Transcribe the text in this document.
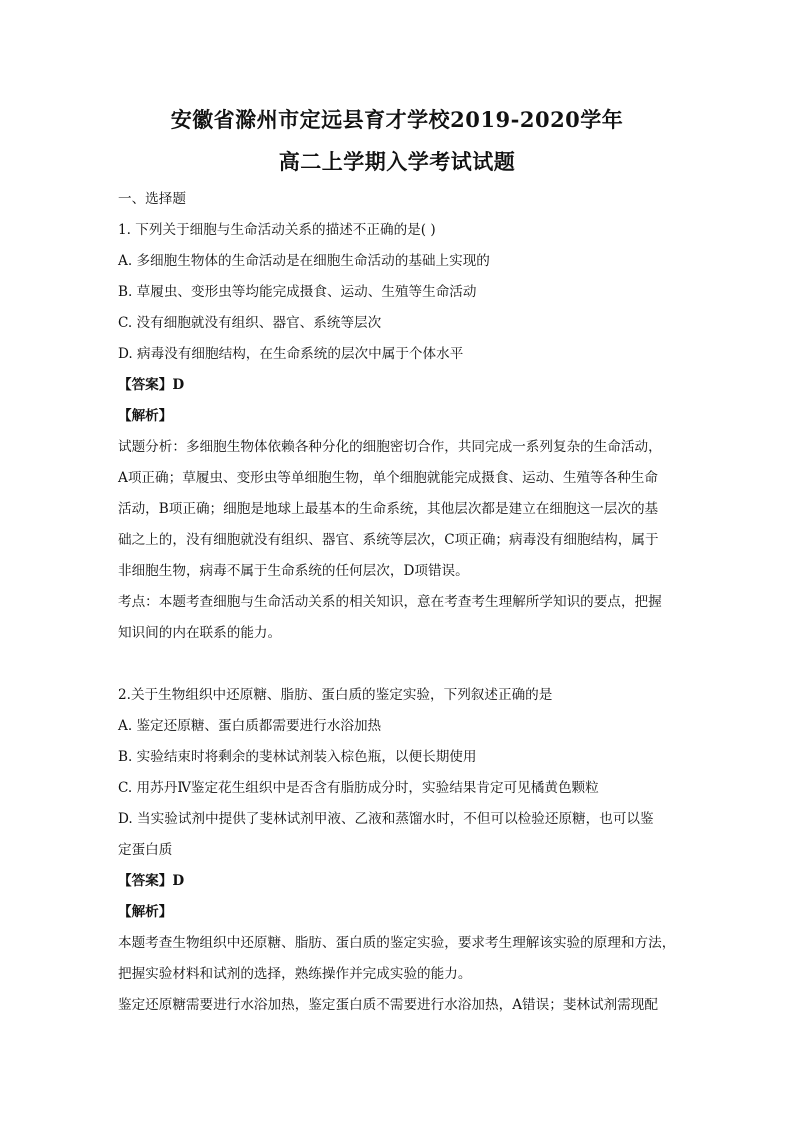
安徽省滁州市定远县育才学校2019-2020学年
高二上学期入学考试试题
一、选择题
1. 下列关于细胞与生命活动关系的描述不正确的是( )
A. 多细胞生物体的生命活动是在细胞生命活动的基础上实现的
B. 草履虫、变形虫等均能完成摄食、运动、生殖等生命活动
C. 没有细胞就没有组织、器官、系统等层次
D. 病毒没有细胞结构，在生命系统的层次中属于个体水平
【答案】D
【解析】
试题分析：多细胞生物体依赖各种分化的细胞密切合作，共同完成一系列复杂的生命活动，
A项正确；草履虫、变形虫等单细胞生物，单个细胞就能完成摄食、运动、生殖等各种生命
活动，B项正确；细胞是地球上最基本的生命系统，其他层次都是建立在细胞这一层次的基
础之上的，没有细胞就没有组织、器官、系统等层次，C项正确；病毒没有细胞结构，属于
非细胞生物，病毒不属于生命系统的任何层次，D项错误。
考点：本题考查细胞与生命活动关系的相关知识，意在考查考生理解所学知识的要点，把握
知识间的内在联系的能力。
2.关于生物组织中还原糖、脂肪、蛋白质的鉴定实验，下列叙述正确的是
A. 鉴定还原糖、蛋白质都需要进行水浴加热
B. 实验结束时将剩余的斐林试剂装入棕色瓶，以便长期使用
C. 用苏丹Ⅳ鉴定花生组织中是否含有脂肪成分时，实验结果肯定可见橘黄色颗粒
D. 当实验试剂中提供了斐林试剂甲液、乙液和蒸馏水时，不但可以检验还原糖，也可以鉴
定蛋白质
【答案】D
【解析】
本题考查生物组织中还原糖、脂肪、蛋白质的鉴定实验，要求考生理解该实验的原理和方法，
把握实验材料和试剂的选择，熟练操作并完成实验的能力。
鉴定还原糖需要进行水浴加热，鉴定蛋白质不需要进行水浴加热，A错误；斐林试剂需现配
